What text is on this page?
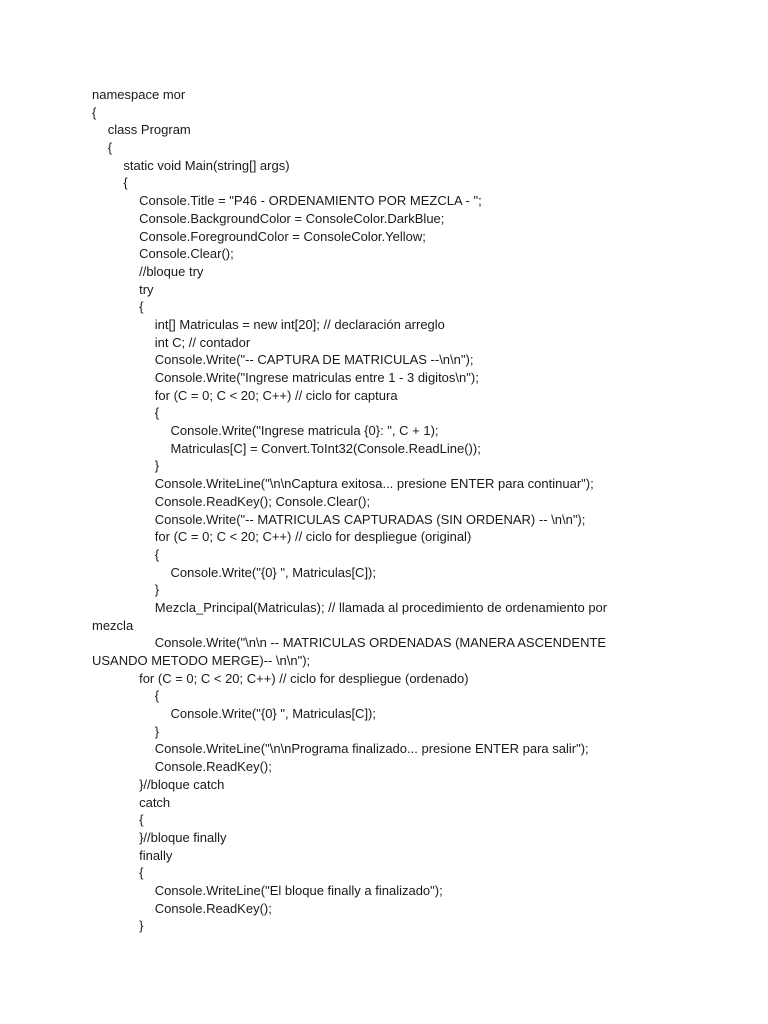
namespace mor
{
class Program
{
static void Main(string[] args)
{
Console.Title = "P46 - ORDENAMIENTO POR MEZCLA - ";
Console.BackgroundColor = ConsoleColor.DarkBlue;
Console.ForegroundColor = ConsoleColor.Yellow;
Console.Clear();
//bloque try
try
{
int[] Matriculas = new int[20]; // declaración arreglo
int C; // contador
Console.Write("-- CAPTURA DE MATRICULAS --\n\n");
Console.Write("Ingrese matriculas entre 1 - 3 digitos\n");
for (C = 0; C < 20; C++) // ciclo for captura
{
Console.Write("Ingrese matricula {0}: ", C + 1);
Matriculas[C] = Convert.ToInt32(Console.ReadLine());
}
Console.WriteLine("\n\nCaptura exitosa... presione ENTER para continuar");
Console.ReadKey(); Console.Clear();
Console.Write("-- MATRICULAS CAPTURADAS (SIN ORDENAR) -- \n\n");
for (C = 0; C < 20; C++) // ciclo for despliegue (original)
{
Console.Write("{0} ", Matriculas[C]);
}
Mezcla_Principal(Matriculas); // llamada al procedimiento de ordenamiento por
mezcla
Console.Write("\n\n -- MATRICULAS ORDENADAS (MANERA ASCENDENTE
USANDO METODO MERGE)-- \n\n");
for (C = 0; C < 20; C++) // ciclo for despliegue (ordenado)
{
Console.Write("{0} ", Matriculas[C]);
}
Console.WriteLine("\n\nPrograma finalizado... presione ENTER para salir");
Console.ReadKey();
}//bloque catch
catch
{
}//bloque finally
finally
{
Console.WriteLine("El bloque finally a finalizado");
Console.ReadKey();
}
